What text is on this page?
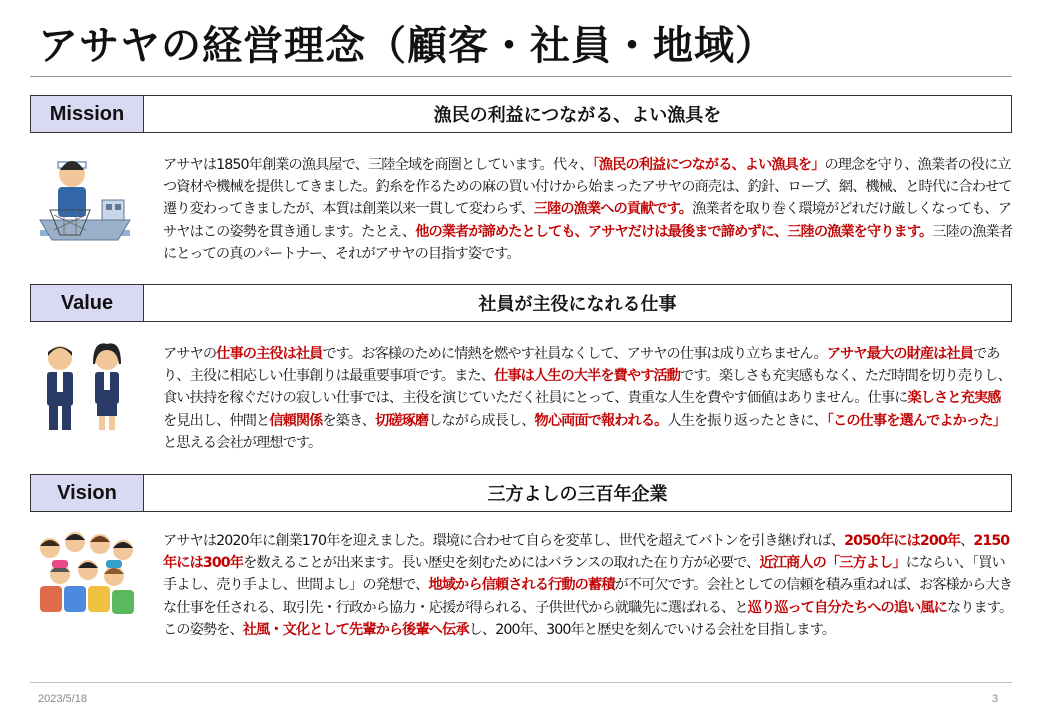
アサヤの経営理念（顧客・社員・地域）
Mission	漁民の利益につながる、よい漁具を
アサヤは1850年創業の漁具屋で、三陸全域を商圏としています。代々、「漁民の利益につながる、よい漁具を」の理念を守り、漁業者の役に立つ資材や機械を提供してきました。釣糸を作るための麻の買い付けから始まったアサヤの商売は、釣針、ロープ、網、機械、と時代に合わせて遷り変わってきましたが、本質は創業以来一貫して変わらず、三陸の漁業への貢献です。漁業者を取り巻く環境がどれだけ厳しくなっても、アサヤはこの姿勢を貫き通します。たとえ、他の業者が諦めたとしても、アサヤだけは最後まで諦めずに、三陸の漁業を守ります。三陸の漁業者にとっての真のパートナー、それがアサヤの目指す姿です。
Value	社員が主役になれる仕事
アサヤの仕事の主役は社員です。お客様のために情熱を燃やす社員なくして、アサヤの仕事は成り立ちません。アサヤ最大の財産は社員であり、主役に相応しい仕事創りは最重要事項です。また、仕事は人生の大半を費やす活動です。楽しさも充実感もなく、ただ時間を切り売りし、食い扶持を稼ぐだけの寂しい仕事では、主役を演じていただく社員にとって、貴重な人生を費やす価値はありません。仕事に楽しさと充実感を見出し、仲間と信頼関係を築き、切磋琢磨しながら成長し、物心両面で報われる。人生を振り返ったときに、「この仕事を選んでよかった」と思える会社が理想です。
Vision	三方よしの三百年企業
アサヤは2020年に創業170年を迎えました。環境に合わせて自らを変革し、世代を超えてバトンを引き継げれば、2050年には200年、2150年には300年を数えることが出来ます。長い歴史を刻むためにはバランスの取れた在り方が必要で、近江商人の「三方よし」にならい、「買い手よし、売り手よし、世間よし」の発想で、地域から信頼される行動の蓄積が不可欠です。会社としての信頼を積み重ねれば、お客様から大きな仕事を任される、取引先・行政から協力・応援が得られる、子供世代から就職先に選ばれる、と巡り巡って自分たちへの追い風になります。この姿勢を、社風・文化として先輩から後輩へ伝承し、200年、300年と歴史を刻んでいける会社を目指します。
2023/5/18	3
